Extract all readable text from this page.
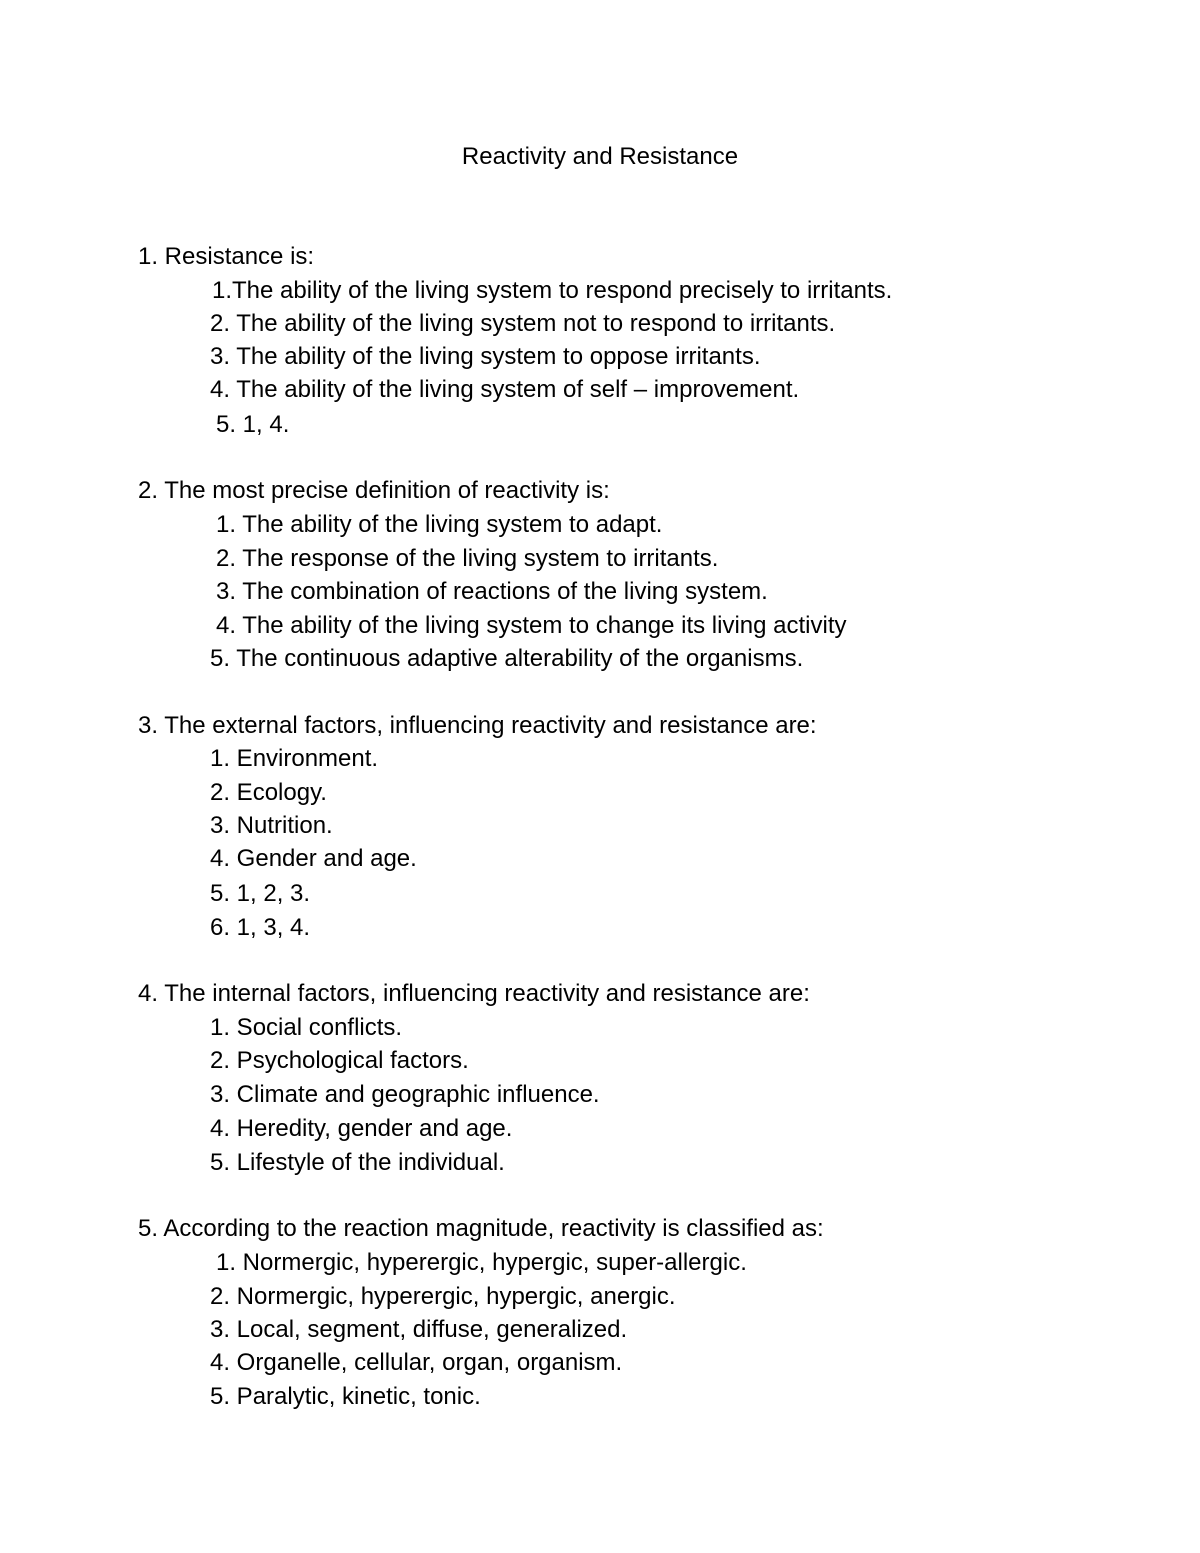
Reactivity and Resistance
1. Resistance is:
1.The ability of the living system to respond precisely to irritants.
2. The ability of the living system not to respond to irritants.
3. The ability of the living system to oppose irritants.
4. The ability of the living system of self – improvement.
5. 1, 4.
2. The most precise definition of reactivity is:
1. The ability of the living system to adapt.
2. The response of the living system to irritants.
3. The combination of reactions of the living system.
4. The ability of the living system to change its living activity
5. The continuous adaptive alterability of the organisms.
3. The external factors, influencing reactivity and resistance are:
1. Environment.
2. Ecology.
3. Nutrition.
4. Gender and age.
5. 1, 2, 3.
6. 1, 3, 4.
4. The internal factors, influencing reactivity and resistance are:
1. Social conflicts.
2. Psychological factors.
3. Climate and geographic influence.
4. Heredity, gender and age.
5. Lifestyle of the individual.
5. According to the reaction magnitude, reactivity is classified as:
1. Normergic, hyperergic, hypergic, super-allergic.
2. Normergic, hyperergic, hypergic, anergic.
3. Local, segment, diffuse, generalized.
4. Organelle, cellular, organ, organism.
5. Paralytic, kinetic, tonic.
